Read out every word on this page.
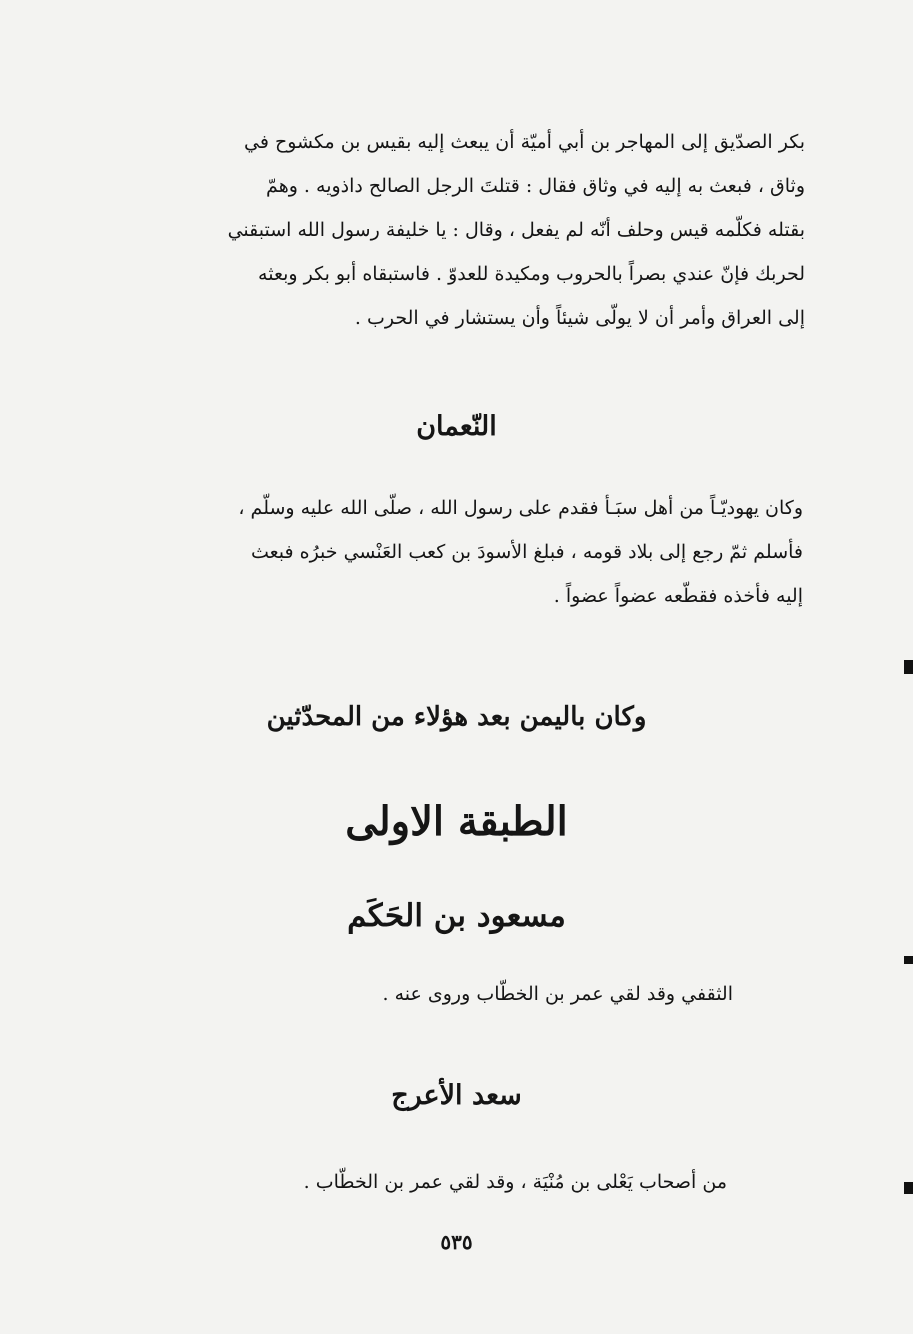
بكر الصدّيق إلى المهاجر بن أبي أميّة أن يبعث إليه بقيس بن مكشوح في

وثاق ، فبعث به إليه في وثاق فقال : قتلتَ الرجل الصالح داذويه . وهمّ

بقتله فكلّمه قيس وحلف أنّه لم يفعل ، وقال : يا خليفة رسول الله استبقني

لحربك فإنّ عندي بصراً بالحروب ومكيدة للعدوّ . فاستبقاه أبو بكر وبعثه

إلى العراق وأمر أن لا يولّى شيئاً وأن يستشار في الحرب .

النّعمان

وكان يهوديّـاً من أهل سبَـأ فقدم على رسول الله ، صلّى الله عليه وسلّم ،

فأسلم ثمّ رجع إلى بلاد قومه ، فبلغ الأسودَ بن كعب العَنْسي خبرُه فبعث

إليه فأخذه فقطّعه عضواً عضواً .

وكان باليمن بعد هؤلاء من المحدّثين
الطبقة الاولى
مسعود بن الحَكَم
الثقفي وقد لقي عمر بن الخطّاب وروى عنه .
سعد الأعرج
من أصحاب يَعْلى بن مُنْيَة ، وقد لقي عمر بن الخطّاب .
٥٣٥
